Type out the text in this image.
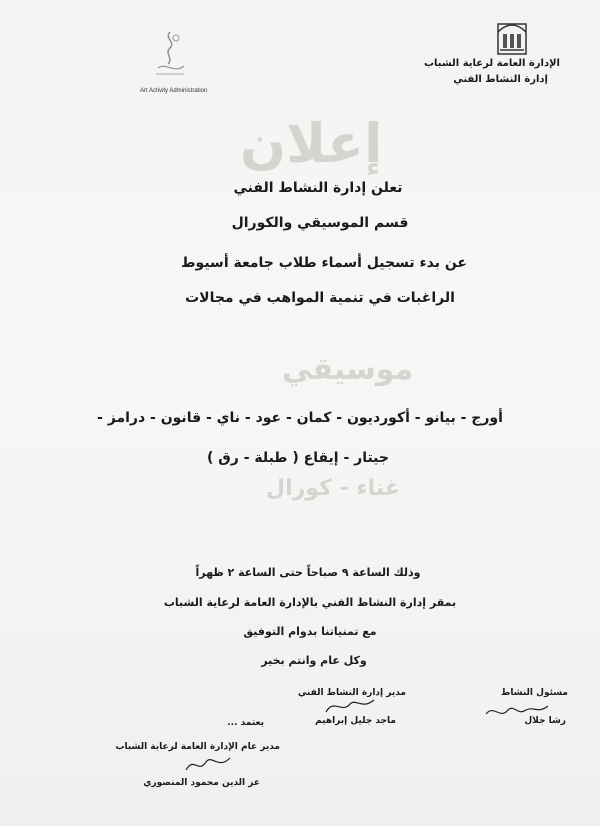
الإدارة العامة لرعاية الشباب
إدارة النشاط الفني
Art Activity Administration
إعلان
موسيقي
غناء - كورال
تعلن إدارة النشاط الفني
قسم الموسيقي والكورال
عن بدء تسجيل أسماء طلاب جامعة أسيوط
الراغبات في تنمية المواهب في مجالات
أورج - بيانو - أكورديون - كمان - عود - ناي - قانون - درامز -
جيتار - إيقاع ( طبلة - رق )
وذلك الساعة ٩ صباحاً حتى الساعة ٢ ظهراً
بمقر إدارة النشاط الفني بالإدارة العامة لرعاية الشباب
مع تمنياتنا بدوام التوفيق
وكل عام وانتم بخير
مسئول النشاط
رشا جلال
مدير إدارة النشاط الفني
ماجد جليل إبراهيم
يعتمد ...
مدير عام الإدارة العامة لرعاية الشباب
عز الدين محمود المنصوري
